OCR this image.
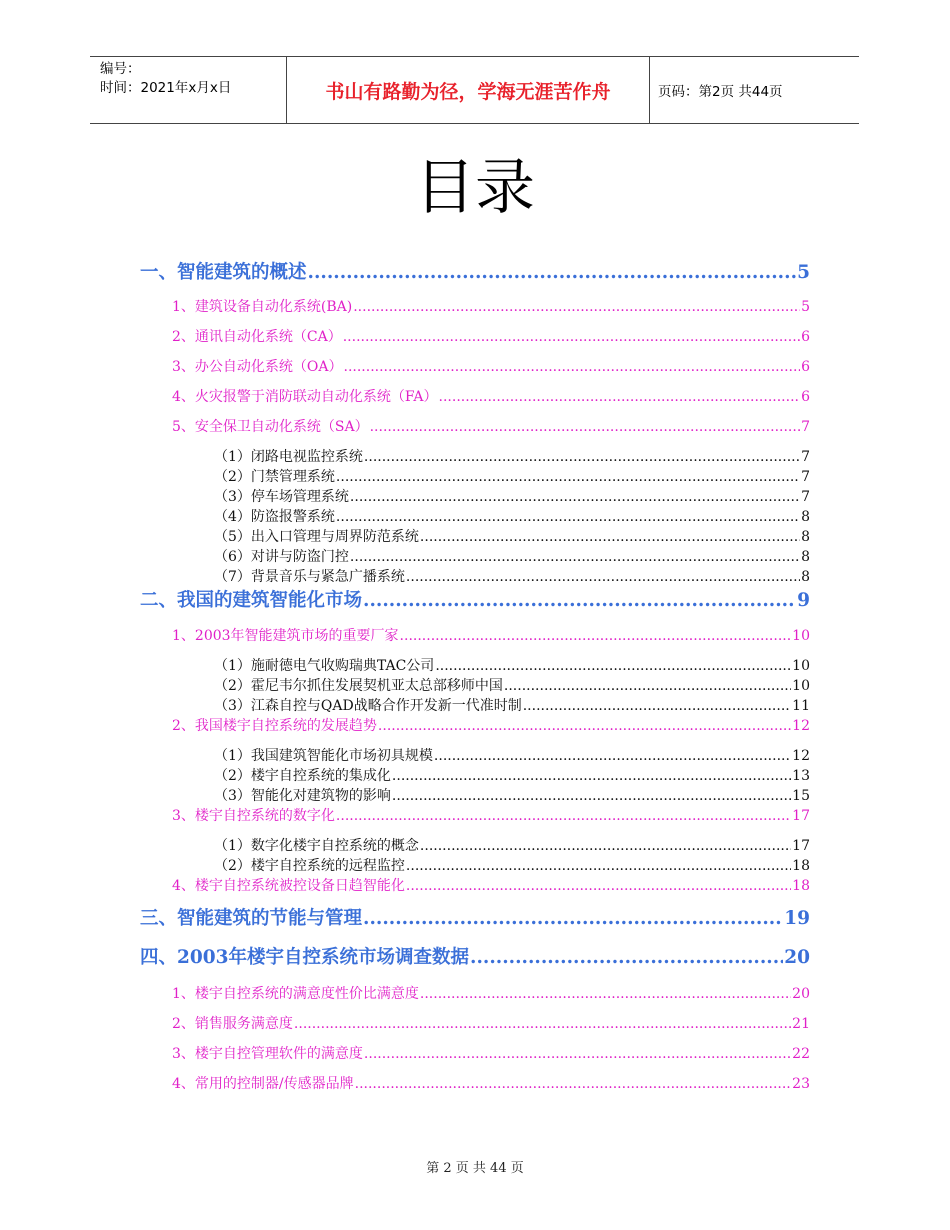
编号：
时间：2021年x月x日	书山有路勤为径，学海无涯苦作舟	页码：第2页 共44页
目录
一、智能建筑的概述 .....	5
1、建筑设备自动化系统(BA) .....	5
2、通讯自动化系统（CA） .....	6
3、办公自动化系统（OA） .....	6
4、火灾报警于消防联动自动化系统（FA） .....	6
5、安全保卫自动化系统（SA） .....	7
（1）闭路电视监控系统 .....	7
（2）门禁管理系统 .....	7
（3）停车场管理系统 .....	7
（4）防盗报警系统 .....	8
（5）出入口管理与周界防范系统 .....	8
（6）对讲与防盗门控 .....	8
（7）背景音乐与紧急广播系统 .....	8
二、我国的建筑智能化市场 .....	9
1、2003年智能建筑市场的重要厂家 .....	10
（1）施耐德电气收购瑞典TAC公司 .....	10
（2）霍尼韦尔抓住发展契机亚太总部移师中国 .....	10
（3）江森自控与QAD战略合作开发新一代准时制 .....	11
2、我国楼宇自控系统的发展趋势 .....	12
（1）我国建筑智能化市场初具规模 .....	12
（2）楼宇自控系统的集成化 .....	13
（3）智能化对建筑物的影响 .....	15
3、楼宇自控系统的数字化 .....	17
（1）数字化楼宇自控系统的概念 .....	17
（2）楼宇自控系统的远程监控 .....	18
4、楼宇自控系统被控设备日趋智能化 .....	18
三、智能建筑的节能与管理 .....	19
四、2003年楼宇自控系统市场调查数据 .....	20
1、楼宇自控系统的满意度性价比满意度 .....	20
2、销售服务满意度 .....	21
3、楼宇自控管理软件的满意度 .....	22
4、常用的控制器/传感器品牌 .....	23
第 2 页 共 44 页
